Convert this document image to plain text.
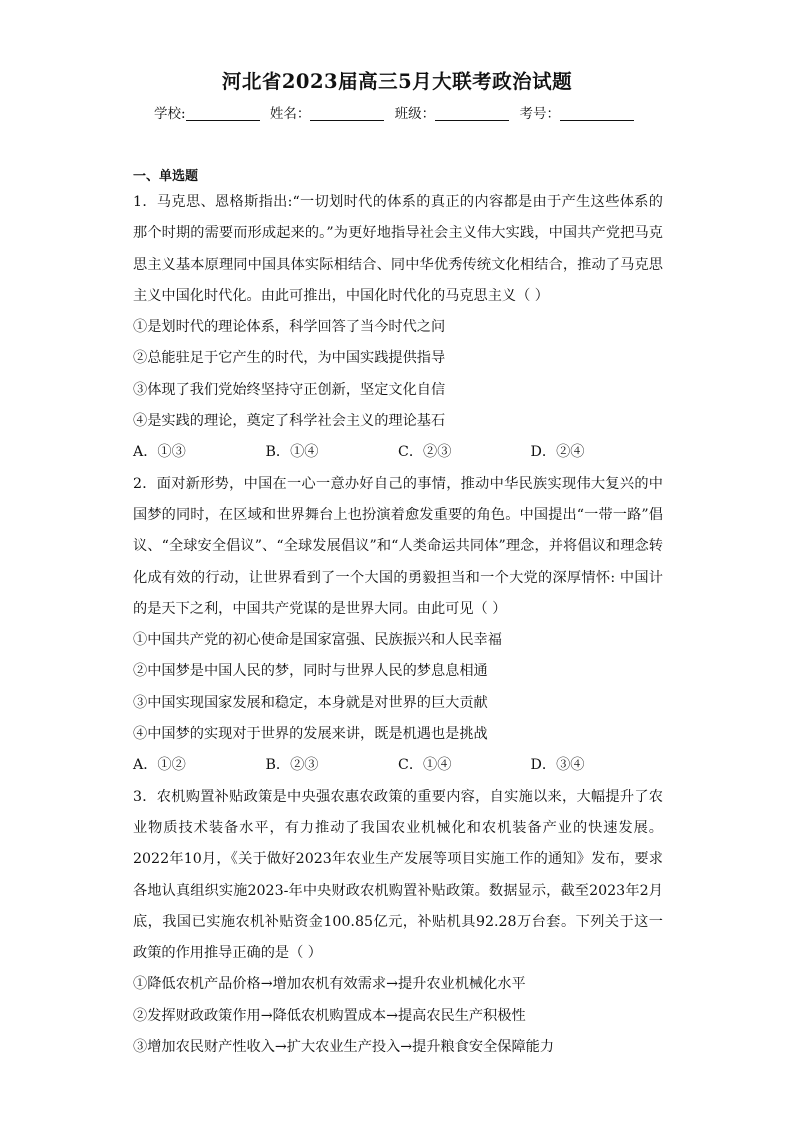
河北省2023届高三5月大联考政治试题
学校:	姓名：	班级：	考号：
一、单选题
1．马克思、恩格斯指出:“一切划时代的体系的真正的内容都是由于产生这些体系的那个时期的需要而形成起来的。”为更好地指导社会主义伟大实践，中国共产党把马克思主义基本原理同中国具体实际相结合、同中华优秀传统文化相结合，推动了马克思主义中国化时代化。由此可推出，中国化时代化的马克思主义（ ）
①是划时代的理论体系，科学回答了当今时代之问
②总能驻足于它产生的时代，为中国实践提供指导
③体现了我们党始终坚持守正创新，坚定文化自信
④是实践的理论，奠定了科学社会主义的理论基石
A．①③	B．①④	C．②③	D．②④
2．面对新形势，中国在一心一意办好自己的事情，推动中华民族实现伟大复兴的中国梦的同时，在区域和世界舞台上也扮演着愈发重要的角色。中国提出“一带一路”倡议、“全球安全倡议”、“全球发展倡议”和“人类命运共同体”理念，并将倡议和理念转化成有效的行动，让世界看到了一个大国的勇毅担当和一个大党的深厚情怀: 中国计的是天下之利，中国共产党谋的是世界大同。由此可见（ ）
①中国共产党的初心使命是国家富强、民族振兴和人民幸福
②中国梦是中国人民的梦，同时与世界人民的梦息息相通
③中国实现国家发展和稳定，本身就是对世界的巨大贡献
④中国梦的实现对于世界的发展来讲，既是机遇也是挑战
A．①②	B．②③	C．①④	D．③④
3．农机购置补贴政策是中央强农惠农政策的重要内容，自实施以来，大幅提升了农业物质技术装备水平，有力推动了我国农业机械化和农机装备产业的快速发展。2022年10月，《关于做好2023年农业生产发展等项目实施工作的通知》发布，要求各地认真组织实施2023-年中央财政农机购置补贴政策。数据显示，截至2023年2月底，我国已实施农机补贴资金100.85亿元，补贴机具92.28万台套。下列关于这一政策的作用推导正确的是（ ）
①降低农机产品价格→增加农机有效需求→提升农业机械化水平
②发挥财政政策作用→降低农机购置成本→提高农民生产积极性
③增加农民财产性收入→扩大农业生产投入→提升粮食安全保障能力
